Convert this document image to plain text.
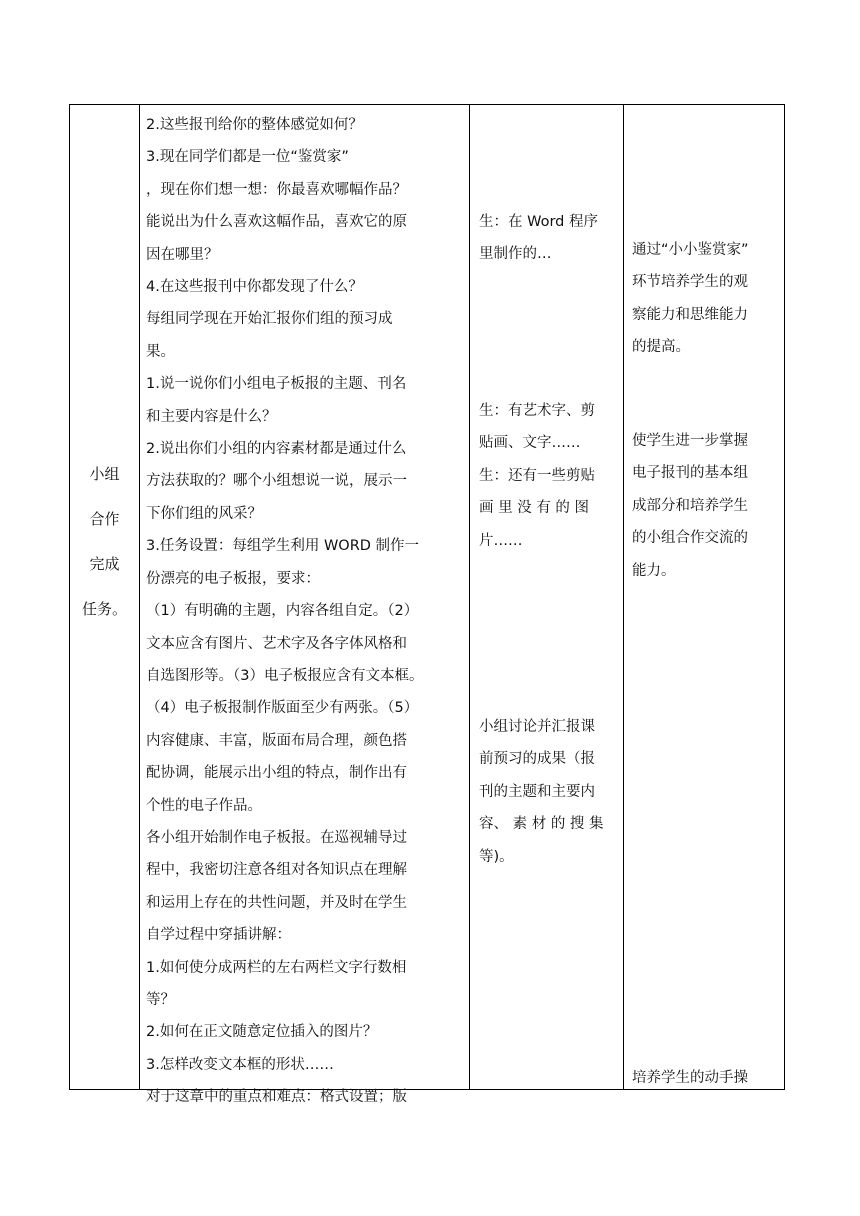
小组

合作

完成

任务。

2.这些报刊给你的整体感觉如何？

3.现在同学们都是一位“鉴赏家”

，现在你们想一想：你最喜欢哪幅作品？

能说出为什么喜欢这幅作品，喜欢它的原

因在哪里？

4.在这些报刊中你都发现了什么？

每组同学现在开始汇报你们组的预习成

果。

1.说一说你们小组电子板报的主题、刊名

和主要内容是什么？

2.说出你们小组的内容素材都是通过什么

方法获取的？哪个小组想说一说，展示一

下你们组的风采？

3.任务设置：每组学生利用 WORD 制作一

份漂亮的电子板报，要求：

（1）有明确的主题，内容各组自定。（2）

文本应含有图片、艺术字及各字体风格和

自选图形等。（3）电子板报应含有文本框。

（4）电子板报制作版面至少有两张。（5）

内容健康、丰富，版面布局合理，颜色搭

配协调，能展示出小组的特点，制作出有

个性的电子作品。

各小组开始制作电子板报。在巡视辅导过

程中，我密切注意各组对各知识点在理解

和运用上存在的共性问题，并及时在学生

自学过程中穿插讲解：

1.如何使分成两栏的左右两栏文字行数相

等？

2.如何在正文随意定位插入的图片？

3.怎样改变文本框的形状……

对于这章中的重点和难点：格式设置；版

生：在 Word 程序

里制作的…

生：有艺术字、剪

贴画、文字……

生：还有一些剪贴

画 里 没 有 的 图

片……

小组讨论并汇报课

前预习的成果（报

刊的主题和主要内

容、 素 材 的 搜 集

等)。

通过“小小鉴赏家”

环节培养学生的观

察能力和思维能力

的提高。

使学生进一步掌握

电子报刊的基本组

成部分和培养学生

的小组合作交流的

能力。

培养学生的动手操
